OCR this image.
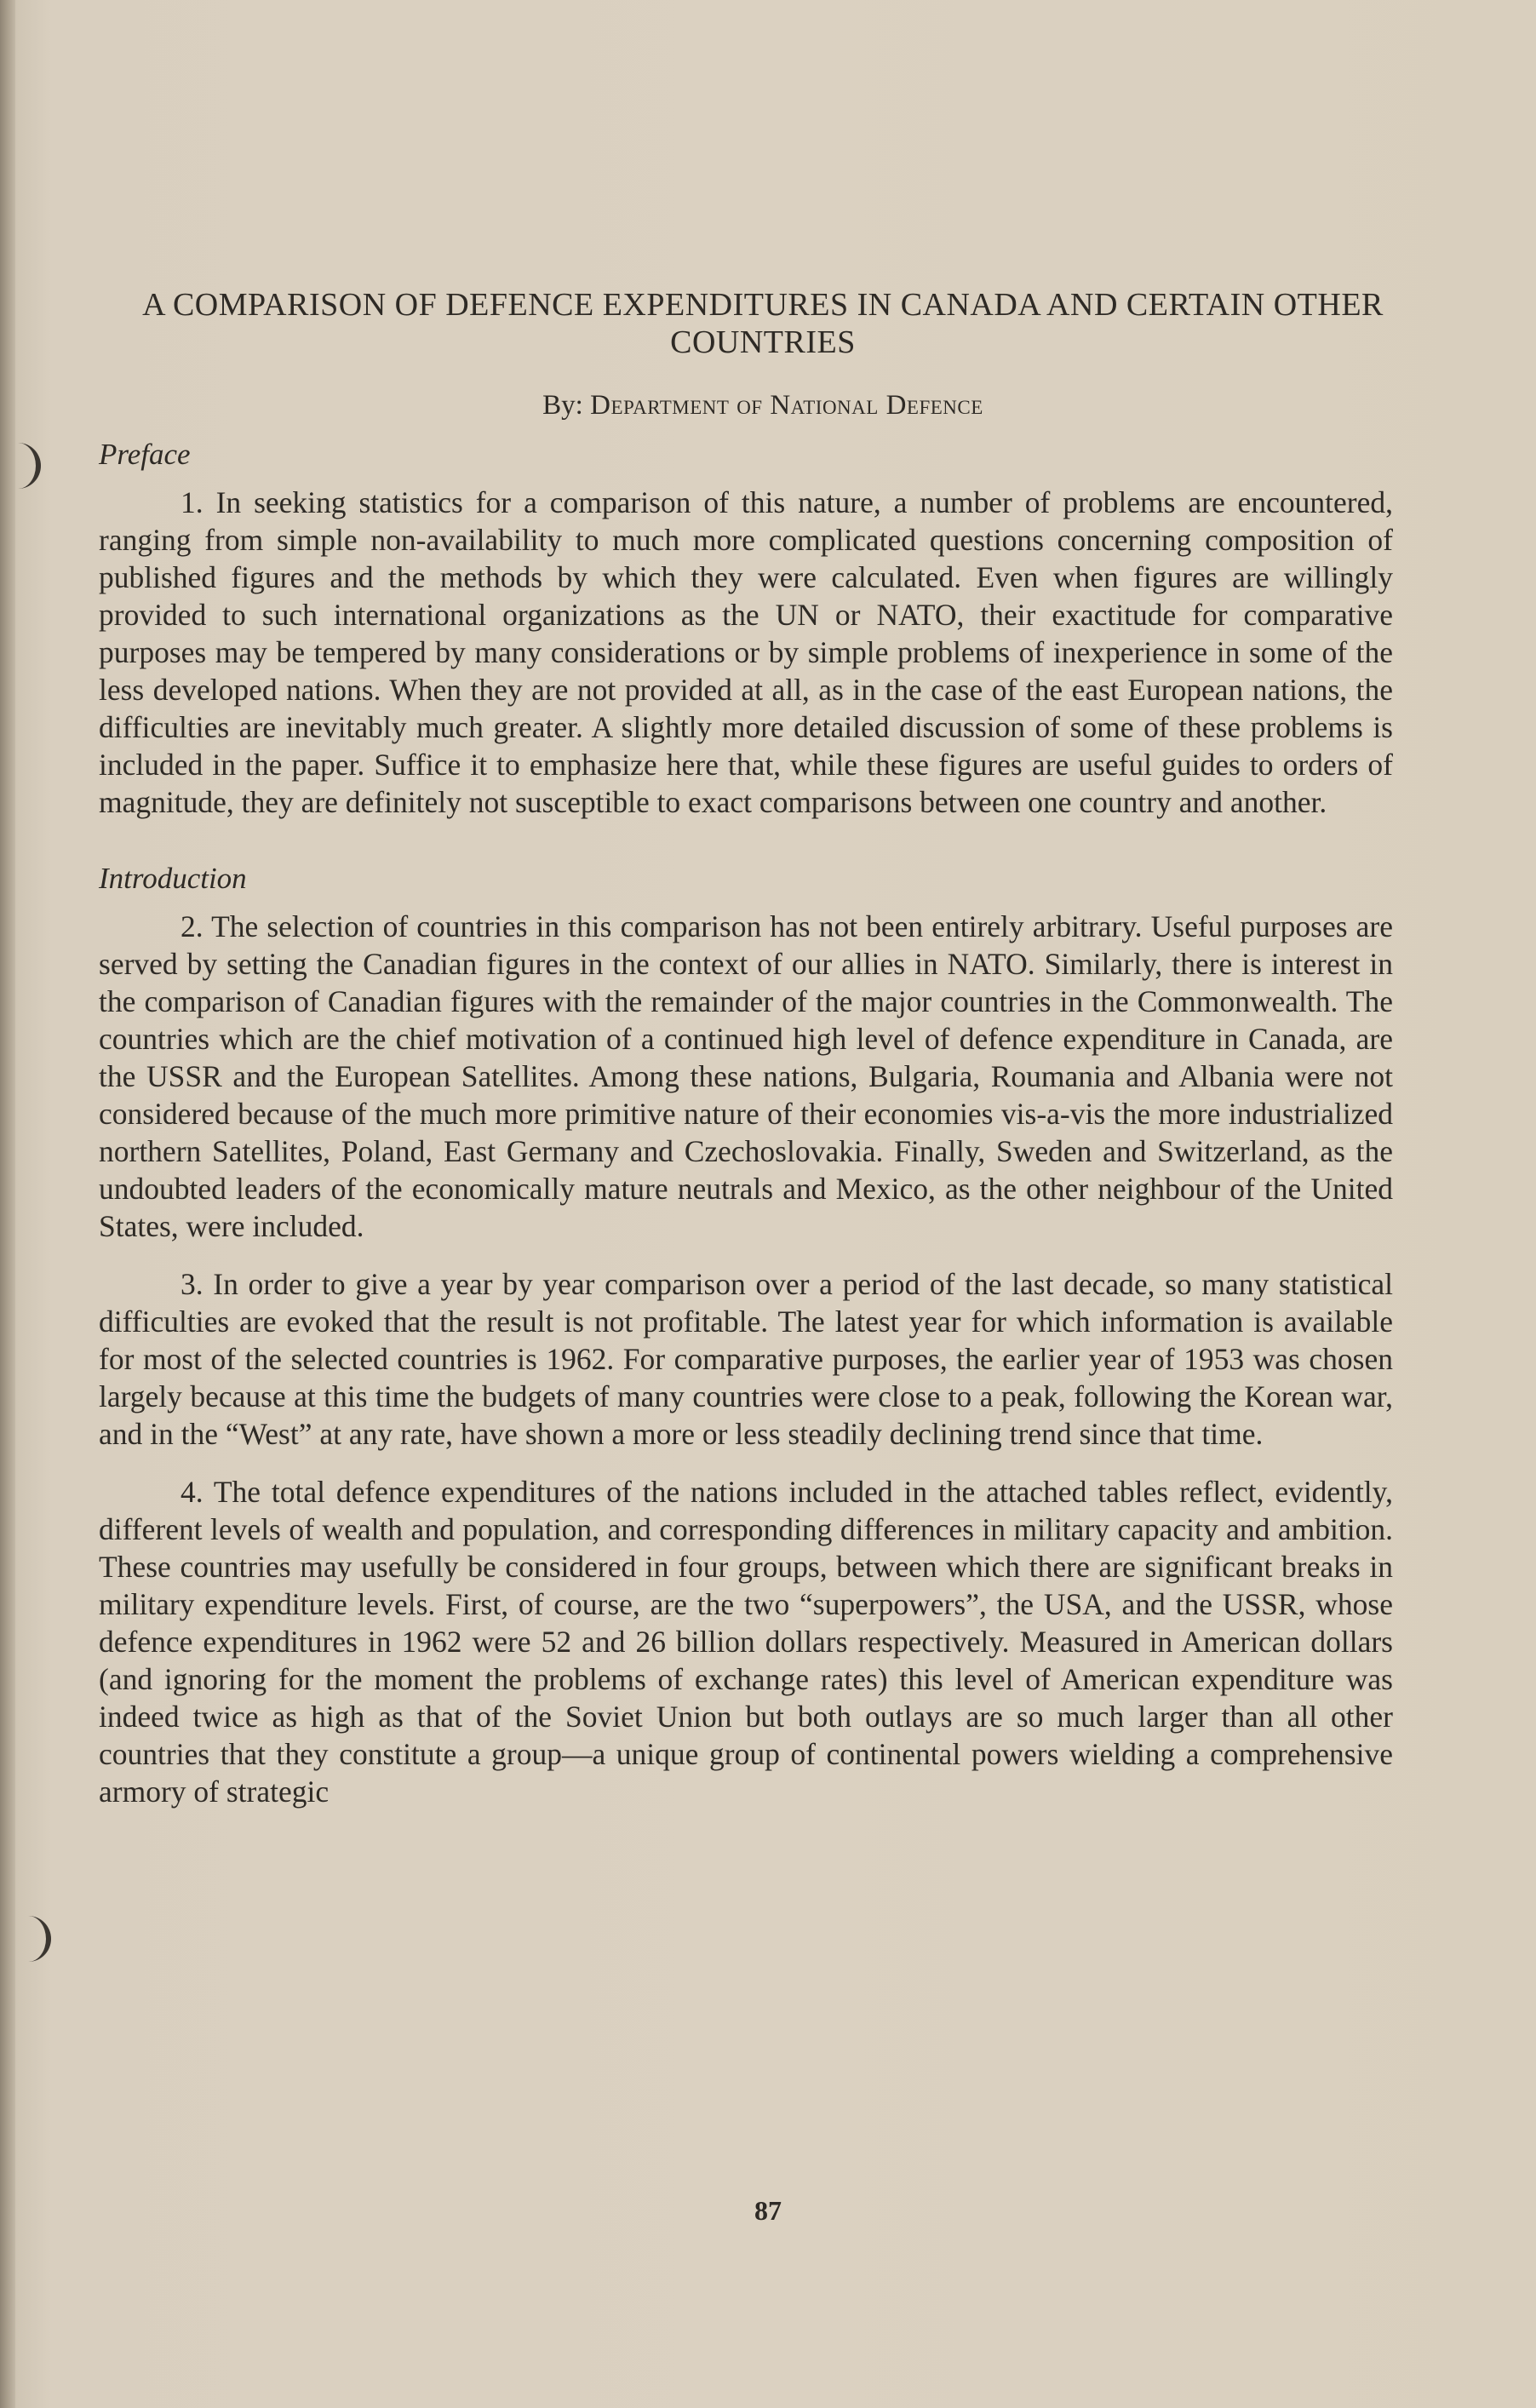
A COMPARISON OF DEFENCE EXPENDITURES IN CANADA AND CERTAIN OTHER COUNTRIES
By: Department of National Defence
Preface

1. In seeking statistics for a comparison of this nature, a number of problems are encountered, ranging from simple non-availability to much more complicated questions concerning composition of published figures and the methods by which they were calculated. Even when figures are willingly provided to such international organizations as the UN or NATO, their exactitude for comparative purposes may be tempered by many considerations or by simple problems of inexperience in some of the less developed nations. When they are not provided at all, as in the case of the east European nations, the difficulties are inevitably much greater. A slightly more detailed discussion of some of these problems is included in the paper. Suffice it to emphasize here that, while these figures are useful guides to orders of magnitude, they are definitely not susceptible to exact comparisons between one country and another.

Introduction

2. The selection of countries in this comparison has not been entirely arbitrary. Useful purposes are served by setting the Canadian figures in the context of our allies in NATO. Similarly, there is interest in the comparison of Canadian figures with the remainder of the major countries in the Commonwealth. The countries which are the chief motivation of a continued high level of defence expenditure in Canada, are the USSR and the European Satellites. Among these nations, Bulgaria, Roumania and Albania were not considered because of the much more primitive nature of their economies vis-a-vis the more industrialized northern Satellites, Poland, East Germany and Czechoslovakia. Finally, Sweden and Switzerland, as the undoubted leaders of the economically mature neutrals and Mexico, as the other neighbour of the United States, were included.

3. In order to give a year by year comparison over a period of the last decade, so many statistical difficulties are evoked that the result is not profitable. The latest year for which information is available for most of the selected countries is 1962. For comparative purposes, the earlier year of 1953 was chosen largely because at this time the budgets of many countries were close to a peak, following the Korean war, and in the “West” at any rate, have shown a more or less steadily declining trend since that time.

4. The total defence expenditures of the nations included in the attached tables reflect, evidently, different levels of wealth and population, and corresponding differences in military capacity and ambition. These countries may usefully be considered in four groups, between which there are significant breaks in military expenditure levels. First, of course, are the two “superpowers”, the USA, and the USSR, whose defence expenditures in 1962 were 52 and 26 billion dollars respectively. Measured in American dollars (and ignoring for the moment the problems of exchange rates) this level of American expenditure was indeed twice as high as that of the Soviet Union but both outlays are so much larger than all other countries that they constitute a group—a unique group of continental powers wielding a comprehensive armory of strategic

87
